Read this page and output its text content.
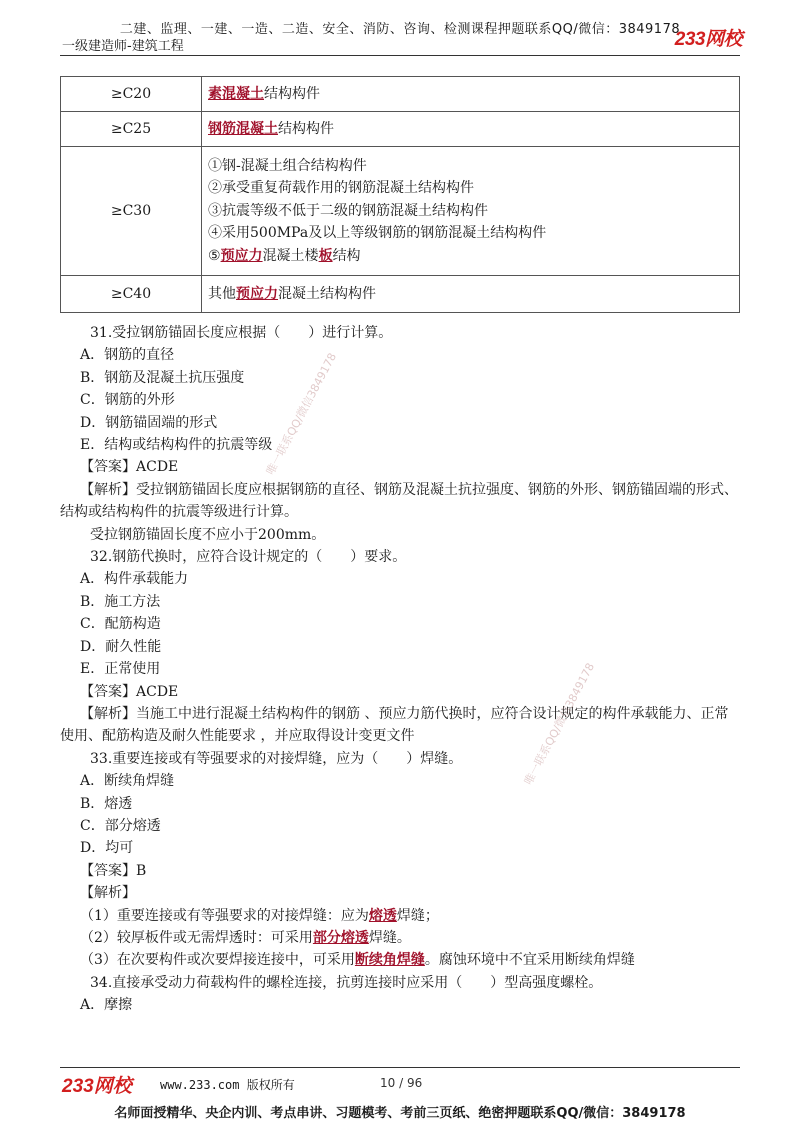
二建、监理、一建、一造、二造、安全、消防、咨询、检测课程押题联系QQ/微信：3849178
一级建造师-建筑工程	233网校
≥C20	素混凝土结构构件

≥C25	钢筋混凝土结构构件

≥C30	①钢-混凝土组合结构构件
②承受重复荷载作用的钢筋混凝土结构构件
③抗震等级不低于二级的钢筋混凝土结构构件
④采用500MPa及以上等级钢筋的钢筋混凝土结构构件
⑤预应力混凝土楼板结构

≥C40	其他预应力混凝土结构构件
31.受拉钢筋锚固长度应根据（　　）进行计算。
A．钢筋的直径
B．钢筋及混凝土抗压强度
C．钢筋的外形
D．钢筋锚固端的形式
E．结构或结构构件的抗震等级
【答案】ACDE
【解析】受拉钢筋锚固长度应根据钢筋的直径、钢筋及混凝土抗拉强度、钢筋的外形、钢筋锚固端的形式、结构或结构构件的抗震等级进行计算。
受拉钢筋锚固长度不应小于200mm。
32.钢筋代换时，应符合设计规定的（　　）要求。
A．构件承载能力
B．施工方法
C．配筋构造
D．耐久性能
E．正常使用
【答案】ACDE
【解析】当施工中进行混凝土结构构件的钢筋 、预应力筋代换时，应符合设计规定的构件承载能力、正常使用、配筋构造及耐久性能要求 ，并应取得设计变更文件
33.重要连接或有等强要求的对接焊缝，应为（　　）焊缝。
A．断续角焊缝
B．熔透
C．部分熔透
D．均可
【答案】B
【解析】
（1）重要连接或有等强要求的对接焊缝：应为熔透焊缝；
（2）较厚板件或无需焊透时：可采用部分熔透焊缝。
（3）在次要构件或次要焊接连接中，可采用断续角焊缝。腐蚀环境中不宜采用断续角焊缝
34.直接承受动力荷载构件的螺栓连接，抗剪连接时应采用（　　）型高强度螺栓。
A．摩擦
唯一联系QQ/微信3849178
唯一联系QQ/微信3849178
233网校 www.233.com 版权所有	10 / 96
名师面授精华、央企内训、考点串讲、习题模考、考前三页纸、绝密押题联系QQ/微信：3849178
